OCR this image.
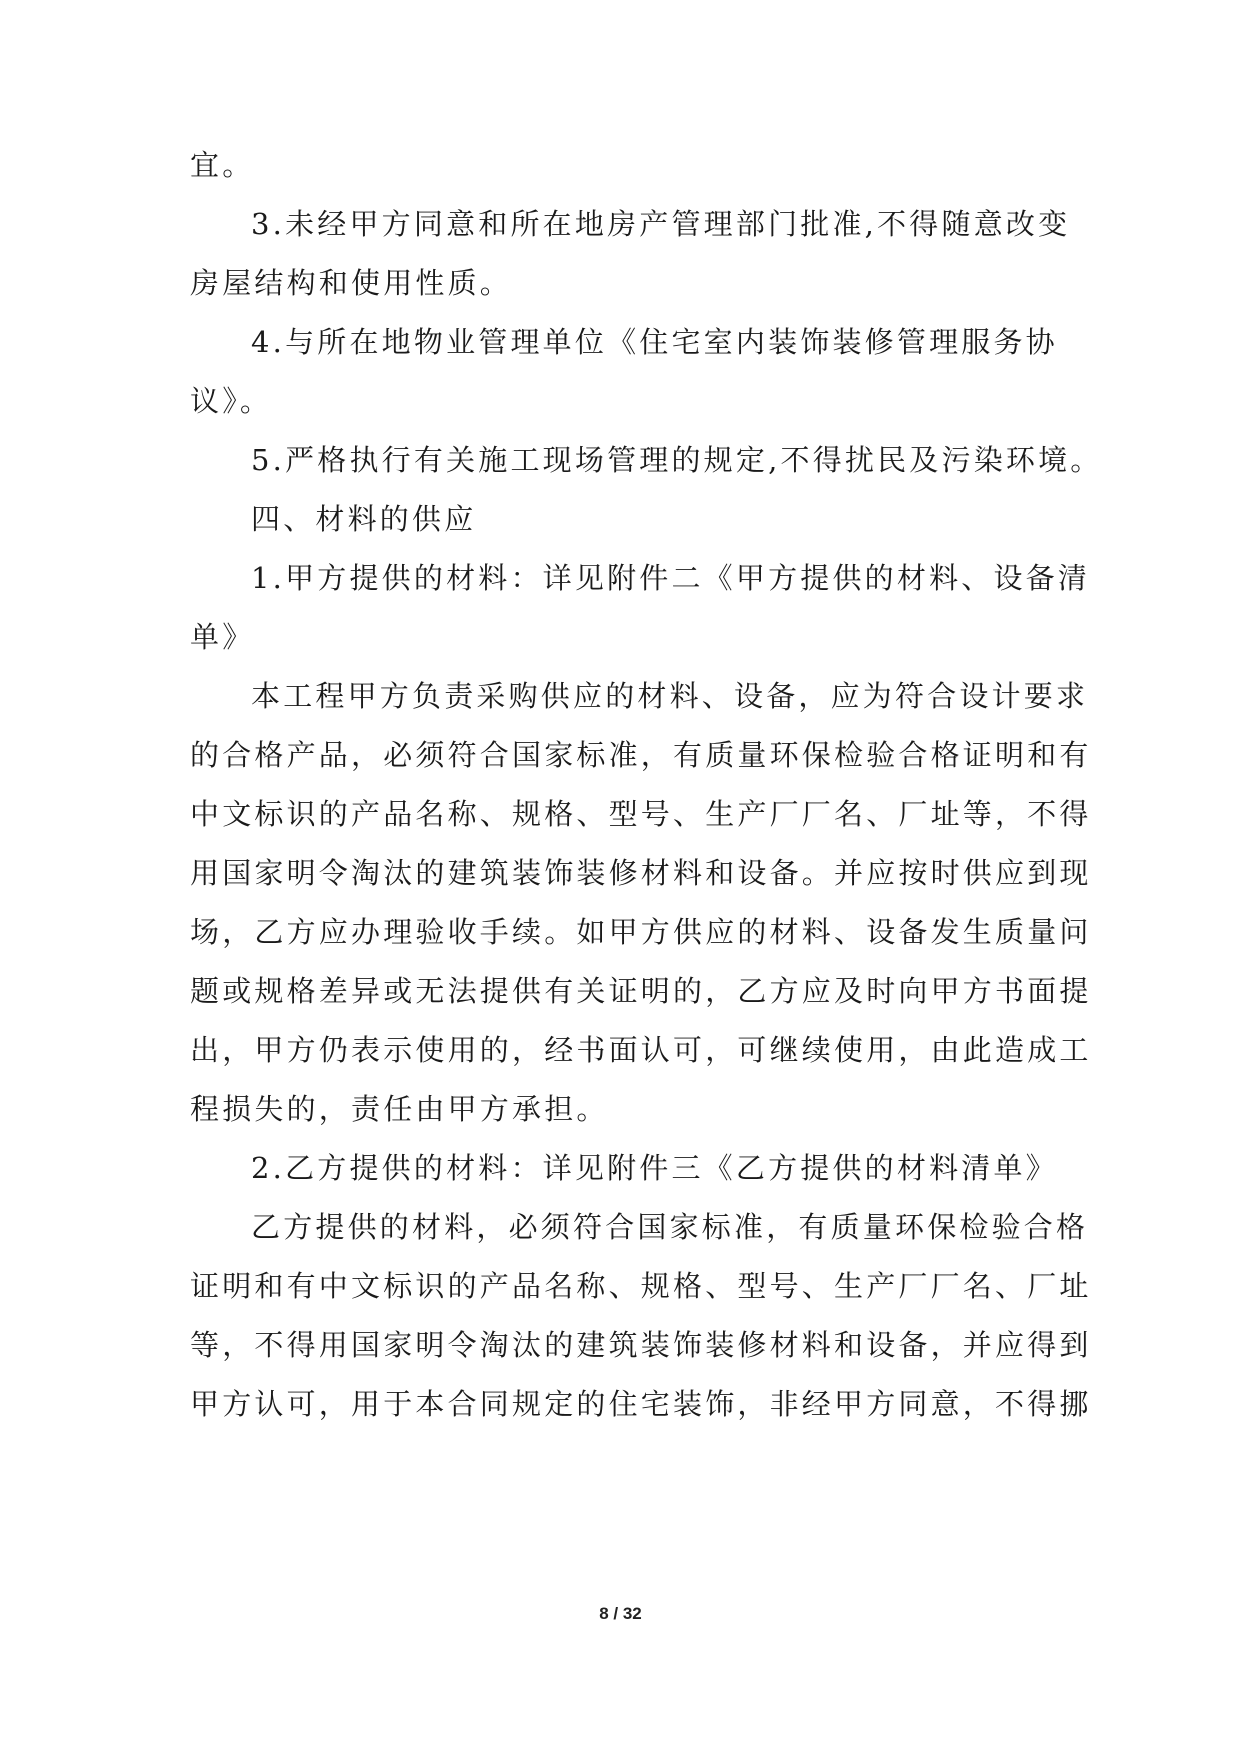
宜。
3.未经甲方同意和所在地房产管理部门批准,不得随意改变
房屋结构和使用性质。
4.与所在地物业管理单位《住宅室内装饰装修管理服务协
议》。
5.严格执行有关施工现场管理的规定,不得扰民及污染环境。
四、材料的供应
1.甲方提供的材料：详见附件二《甲方提供的材料、设备清
单》
本工程甲方负责采购供应的材料、设备，应为符合设计要求
的合格产品，必须符合国家标准，有质量环保检验合格证明和有
中文标识的产品名称、规格、型号、生产厂厂名、厂址等，不得
用国家明令淘汰的建筑装饰装修材料和设备。并应按时供应到现
场，乙方应办理验收手续。如甲方供应的材料、设备发生质量问
题或规格差异或无法提供有关证明的，乙方应及时向甲方书面提
出，甲方仍表示使用的，经书面认可，可继续使用，由此造成工
程损失的，责任由甲方承担。
2.乙方提供的材料：详见附件三《乙方提供的材料清单》
乙方提供的材料，必须符合国家标准，有质量环保检验合格
证明和有中文标识的产品名称、规格、型号、生产厂厂名、厂址
等，不得用国家明令淘汰的建筑装饰装修材料和设备，并应得到
甲方认可，用于本合同规定的住宅装饰，非经甲方同意，不得挪
8 / 32
